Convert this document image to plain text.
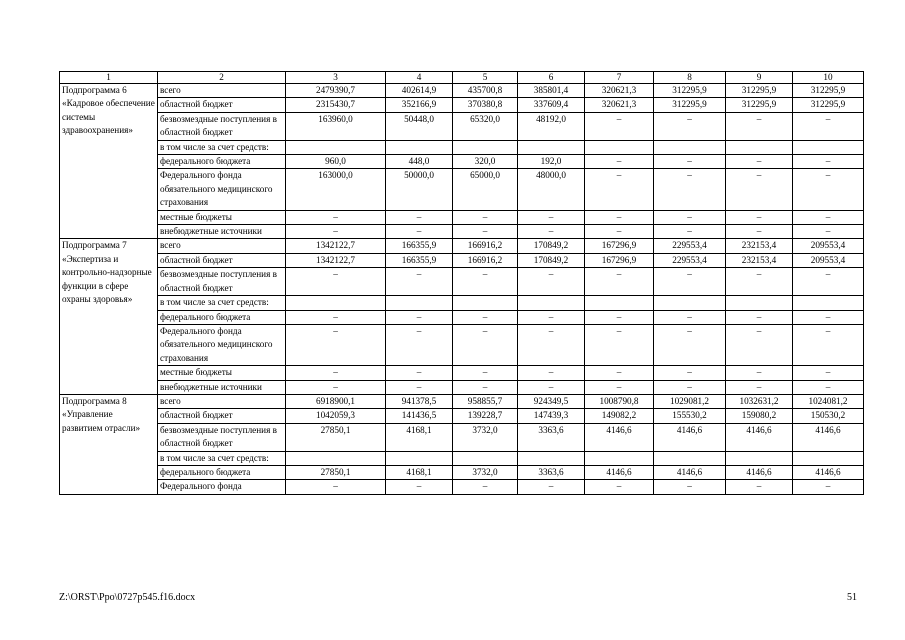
1	2	3	4	5	6	7	8	9	10
Подпрограмма 6 «Кадровое обеспечение системы здравоохранения»	всего	2479390,7	402614,9	435700,8	385801,4	320621,3	312295,9	312295,9	312295,9
	областной бюджет	2315430,7	352166,9	370380,8	337609,4	320621,3	312295,9	312295,9	312295,9
	безвозмездные поступления в областной бюджет	163960,0	50448,0	65320,0	48192,0	–	–	–	–
	в том числе за счет средств:								
	федерального бюджета	960,0	448,0	320,0	192,0	–	–	–	–
	Федерального фонда обязательного медицинского страхования	163000,0	50000,0	65000,0	48000,0	–	–	–	–
	местные бюджеты	–	–	–	–	–	–	–	–
	внебюджетные источники	–	–	–	–	–	–	–	–
Подпрограмма 7 «Экспертиза и контрольно-надзорные функции в сфере охраны здоровья»	всего	1342122,7	166355,9	166916,2	170849,2	167296,9	229553,4	232153,4	209553,4
	областной бюджет	1342122,7	166355,9	166916,2	170849,2	167296,9	229553,4	232153,4	209553,4
	безвозмездные поступления в областной бюджет	–	–	–	–	–	–	–	–
	в том числе за счет средств:								
	федерального бюджета	–	–	–	–	–	–	–	–
	Федерального фонда обязательного медицинского страхования	–	–	–	–	–	–	–	–
	местные бюджеты	–	–	–	–	–	–	–	–
	внебюджетные источники	–	–	–	–	–	–	–	–
Подпрограмма 8 «Управление развитием отрасли»	всего	6918900,1	941378,5	958855,7	924349,5	1008790,8	1029081,2	1032631,2	1024081,2
	областной бюджет	1042059,3	141436,5	139228,7	147439,3	149082,2	155530,2	159080,2	150530,2
	безвозмездные поступления в областной бюджет	27850,1	4168,1	3732,0	3363,6	4146,6	4146,6	4146,6	4146,6
	в том числе за счет средств:								
	федерального бюджета	27850,1	4168,1	3732,0	3363,6	4146,6	4146,6	4146,6	4146,6
	Федерального фонда	–	–	–	–	–	–	–	–
Z:\ORST\Ppo\0727p545.f16.docx	51
